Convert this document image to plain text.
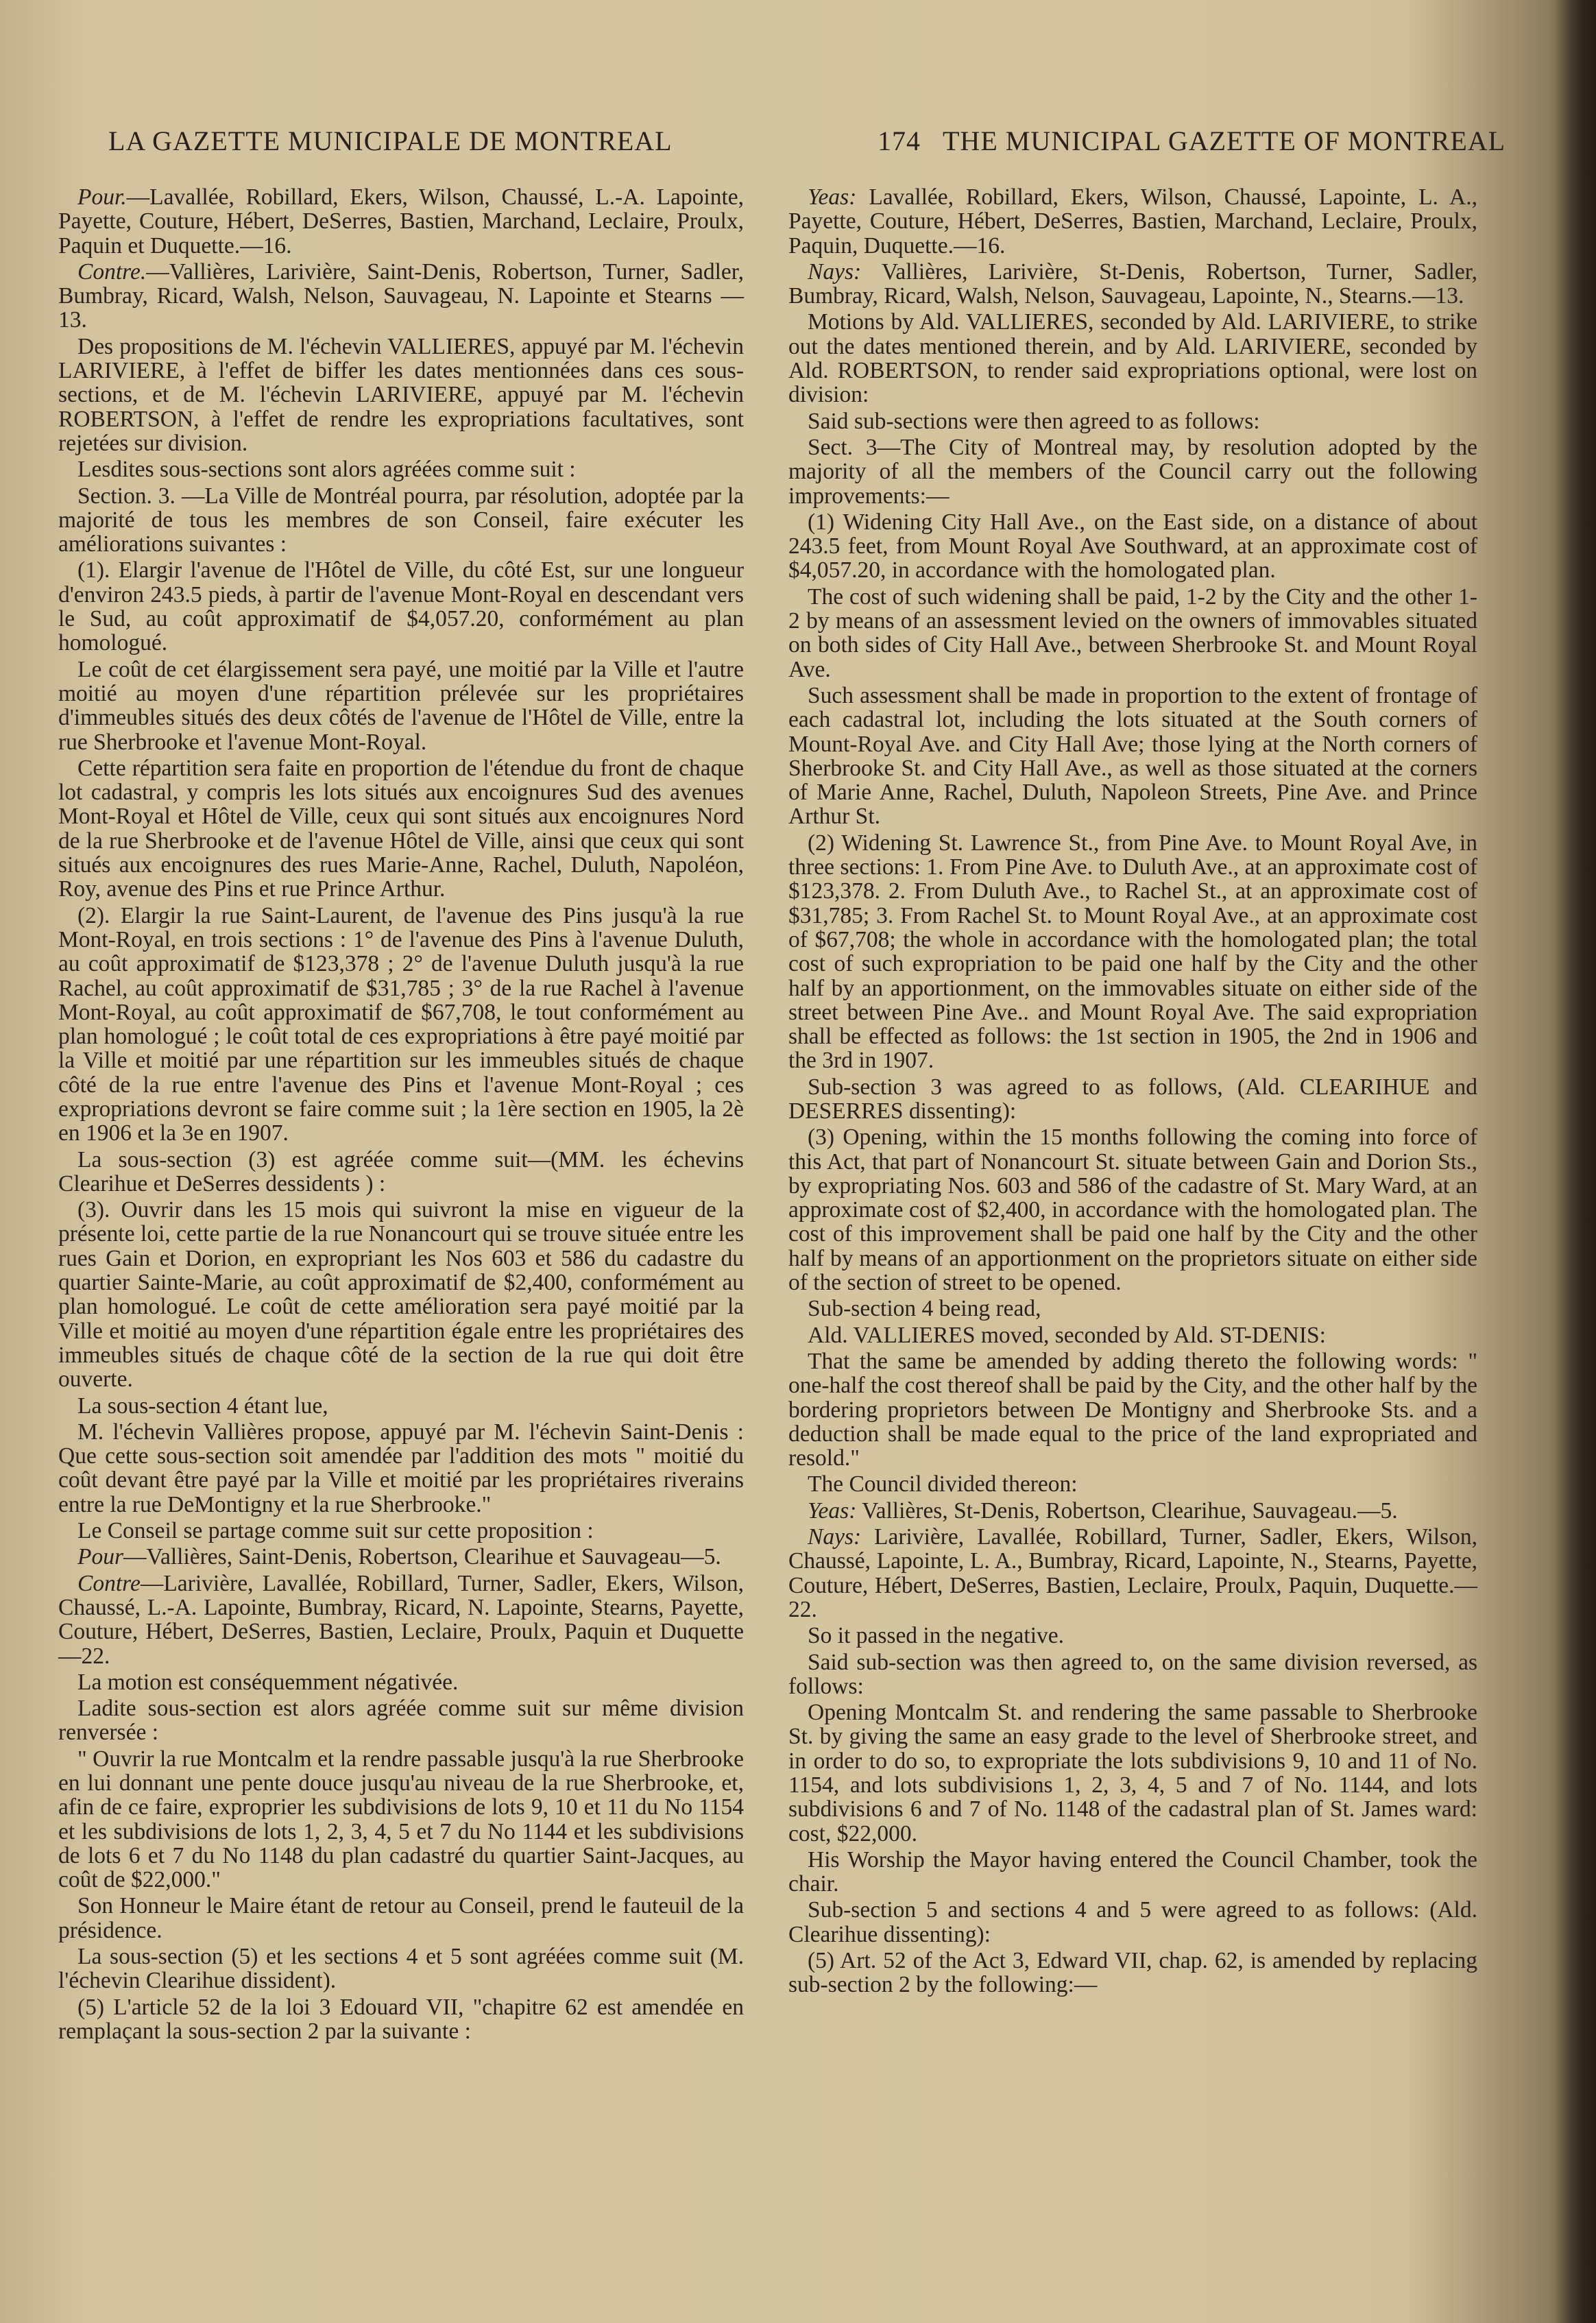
LA GAZETTE MUNICIPALE DE MONTREAL	174 THE MUNICIPAL GAZETTE OF MONTREAL

Pour.—Lavallée, Robillard, Ekers, Wilson, Chaussé, L.-A. Lapointe, Payette, Couture, Hébert, DeSerres, Bastien, Marchand, Leclaire, Proulx, Paquin et Duquette.—16.

Contre.—Vallières, Larivière, Saint-Denis, Robertson, Turner, Sadler, Bumbray, Ricard, Walsh, Nelson, Sauvageau, N. Lapointe et Stearns —13.

Des propositions de M. l'échevin VALLIERES, appuyé par M. l'échevin LARIVIERE, à l'effet de biffer les dates mentionnées dans ces sous-sections, et de M. l'échevin LARIVIERE, appuyé par M. l'échevin ROBERTSON, à l'effet de rendre les expropriations facultatives, sont rejetées sur division.

Lesdites sous-sections sont alors agréées comme suit :

Section. 3. —La Ville de Montréal pourra, par résolution, adoptée par la majorité de tous les membres de son Conseil, faire exécuter les améliorations suivantes :

(1). Elargir l'avenue de l'Hôtel de Ville, du côté Est, sur une longueur d'environ 243.5 pieds, à partir de l'avenue Mont-Royal en descendant vers le Sud, au coût approximatif de $4,057.20, conformément au plan homologué.

Le coût de cet élargissement sera payé, une moitié par la Ville et l'autre moitié au moyen d'une répartition prélevée sur les propriétaires d'immeubles situés des deux côtés de l'avenue de l'Hôtel de Ville, entre la rue Sherbrooke et l'avenue Mont-Royal.

Cette répartition sera faite en proportion de l'étendue du front de chaque lot cadastral, y compris les lots situés aux encoignures Sud des avenues Mont-Royal et Hôtel de Ville, ceux qui sont situés aux encoignures Nord de la rue Sherbrooke et de l'avenue Hôtel de Ville, ainsi que ceux qui sont situés aux encoignures des rues Marie-Anne, Rachel, Duluth, Napoléon, Roy, avenue des Pins et rue Prince Arthur.

(2). Elargir la rue Saint-Laurent, de l'avenue des Pins jusqu'à la rue Mont-Royal, en trois sections : 1° de l'avenue des Pins à l'avenue Duluth, au coût approximatif de $123,378 ; 2° de l'avenue Duluth jusqu'à la rue Rachel, au coût approximatif de $31,785 ; 3° de la rue Rachel à l'avenue Mont-Royal, au coût approximatif de $67,708, le tout conformément au plan homologué ; le coût total de ces expropriations à être payé moitié par la Ville et moitié par une répartition sur les immeubles situés de chaque côté de la rue entre l'avenue des Pins et l'avenue Mont-Royal ; ces expropriations devront se faire comme suit ; la 1ère section en 1905, la 2è en 1906 et la 3e en 1907.

La sous-section (3) est agréée comme suit—(MM. les échevins Clearihue et DeSerres dessidents ) :

(3). Ouvrir dans les 15 mois qui suivront la mise en vigueur de la présente loi, cette partie de la rue Nonancourt qui se trouve située entre les rues Gain et Dorion, en expropriant les Nos 603 et 586 du cadastre du quartier Sainte-Marie, au coût approximatif de $2,400, conformément au plan homologué. Le coût de cette amélioration sera payé moitié par la Ville et moitié au moyen d'une répartition égale entre les propriétaires des immeubles situés de chaque côté de la section de la rue qui doit être ouverte.

La sous-section 4 étant lue,

M. l'échevin Vallières propose, appuyé par M. l'échevin Saint-Denis : Que cette sous-section soit amendée par l'addition des mots " moitié du coût devant être payé par la Ville et moitié par les propriétaires riverains entre la rue DeMontigny et la rue Sherbrooke."

Le Conseil se partage comme suit sur cette proposition :

Pour—Vallières, Saint-Denis, Robertson, Clearihue et Sauvageau—5.

Contre—Larivière, Lavallée, Robillard, Turner, Sadler, Ekers, Wilson, Chaussé, L.-A. Lapointe, Bumbray, Ricard, N. Lapointe, Stearns, Payette, Couture, Hébert, DeSerres, Bastien, Leclaire, Proulx, Paquin et Duquette—22.

La motion est conséquemment négativée.

Ladite sous-section est alors agréée comme suit sur même division renversée :

" Ouvrir la rue Montcalm et la rendre passable jusqu'à la rue Sherbrooke en lui donnant une pente douce jusqu'au niveau de la rue Sherbrooke, et, afin de ce faire, exproprier les subdivisions de lots 9, 10 et 11 du No 1154 et les subdivisions de lots 1, 2, 3, 4, 5 et 7 du No 1144 et les subdivisions de lots 6 et 7 du No 1148 du plan cadastré du quartier Saint-Jacques, au coût de $22,000."

Son Honneur le Maire étant de retour au Conseil, prend le fauteuil de la présidence.

La sous-section (5) et les sections 4 et 5 sont agréées comme suit (M. l'échevin Clearihue dissident).

(5) L'article 52 de la loi 3 Edouard VII, "chapitre 62 est amendée en remplaçant la sous-section 2 par la suivante :

Yeas: Lavallée, Robillard, Ekers, Wilson, Chaussé, Lapointe, L. A., Payette, Couture, Hébert, DeSerres, Bastien, Marchand, Leclaire, Proulx, Paquin, Duquette.—16.

Nays: Vallières, Larivière, St-Denis, Robertson, Turner, Sadler, Bumbray, Ricard, Walsh, Nelson, Sauvageau, Lapointe, N., Stearns.—13.

Motions by Ald. VALLIERES, seconded by Ald. LARIVIERE, to strike out the dates mentioned therein, and by Ald. LARIVIERE, seconded by Ald. ROBERTSON, to render said expropriations optional, were lost on division:

Said sub-sections were then agreed to as follows:

Sect. 3—The City of Montreal may, by resolution adopted by the majority of all the members of the Council carry out the following improvements:—

(1) Widening City Hall Ave., on the East side, on a distance of about 243.5 feet, from Mount Royal Ave Southward, at an approximate cost of $4,057.20, in accordance with the homologated plan.

The cost of such widening shall be paid, 1-2 by the City and the other 1-2 by means of an assessment levied on the owners of immovables situated on both sides of City Hall Ave., between Sherbrooke St. and Mount Royal Ave.

Such assessment shall be made in proportion to the extent of frontage of each cadastral lot, including the lots situated at the South corners of Mount-Royal Ave. and City Hall Ave; those lying at the North corners of Sherbrooke St. and City Hall Ave., as well as those situated at the corners of Marie Anne, Rachel, Duluth, Napoleon Streets, Pine Ave. and Prince Arthur St.

(2) Widening St. Lawrence St., from Pine Ave. to Mount Royal Ave, in three sections: 1. From Pine Ave. to Duluth Ave., at an approximate cost of $123,378. 2. From Duluth Ave., to Rachel St., at an approximate cost of $31,785; 3. From Rachel St. to Mount Royal Ave., at an approximate cost of $67,708; the whole in accordance with the homologated plan; the total cost of such expropriation to be paid one half by the City and the other half by an apportionment, on the immovables situate on either side of the street between Pine Ave.. and Mount Royal Ave. The said expropriation shall be effected as follows: the 1st section in 1905, the 2nd in 1906 and the 3rd in 1907.

Sub-section 3 was agreed to as follows, (Ald. CLEARIHUE and DESERRES dissenting):

(3) Opening, within the 15 months following the coming into force of this Act, that part of Nonancourt St. situate between Gain and Dorion Sts., by expropriating Nos. 603 and 586 of the cadastre of St. Mary Ward, at an approximate cost of $2,400, in accordance with the homologated plan. The cost of this improvement shall be paid one half by the City and the other half by means of an apportionment on the proprietors situate on either side of the section of street to be opened.

Sub-section 4 being read,

Ald. VALLIERES moved, seconded by Ald. ST-DENIS:

That the same be amended by adding thereto the following words: " one-half the cost thereof shall be paid by the City, and the other half by the bordering proprietors between De Montigny and Sherbrooke Sts. and a deduction shall be made equal to the price of the land expropriated and resold."

The Council divided thereon:

Yeas: Vallières, St-Denis, Robertson, Clearihue, Sauvageau.—5.

Nays: Larivière, Lavallée, Robillard, Turner, Sadler, Ekers, Wilson, Chaussé, Lapointe, L. A., Bumbray, Ricard, Lapointe, N., Stearns, Payette, Couture, Hébert, DeSerres, Bastien, Leclaire, Proulx, Paquin, Duquette.—22.

So it passed in the negative.

Said sub-section was then agreed to, on the same division reversed, as follows:

Opening Montcalm St. and rendering the same passable to Sherbrooke St. by giving the same an easy grade to the level of Sherbrooke street, and in order to do so, to expropriate the lots subdivisions 9, 10 and 11 of No. 1154, and lots subdivisions 1, 2, 3, 4, 5 and 7 of No. 1144, and lots subdivisions 6 and 7 of No. 1148 of the cadastral plan of St. James ward: cost, $22,000.

His Worship the Mayor having entered the Council Chamber, took the chair.

Sub-section 5 and sections 4 and 5 were agreed to as follows: (Ald. Clearihue dissenting):

(5) Art. 52 of the Act 3, Edward VII, chap. 62, is amended by replacing sub-section 2 by the following:—
